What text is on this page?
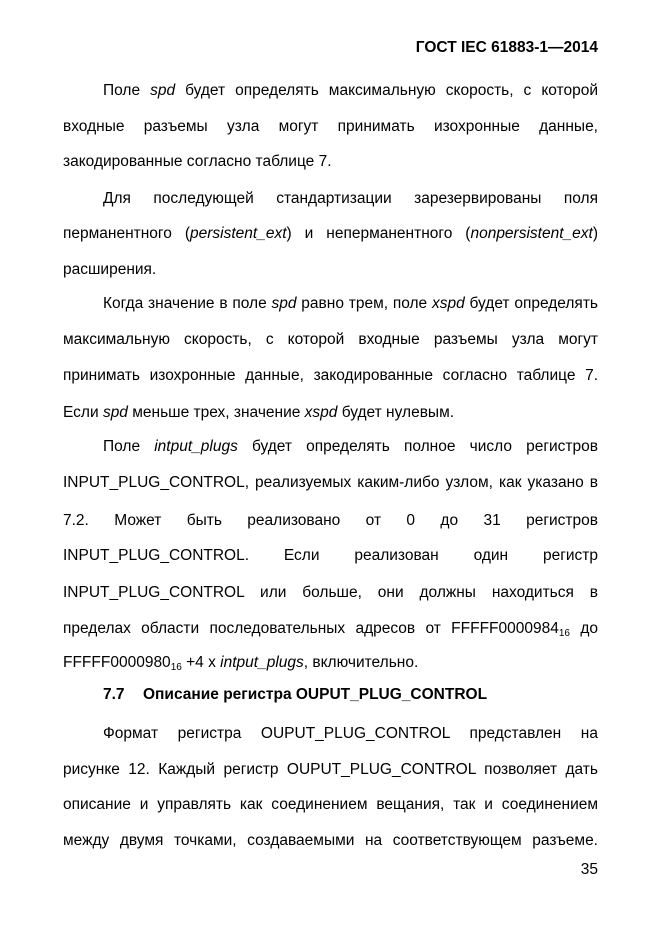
ГОСТ IEC 61883-1—2014
Поле spd будет определять максимальную скорость, с которой
входные разъемы узла могут принимать изохронные данные,
закодированные согласно таблице 7.
Для последующей стандартизации зарезервированы поля
перманентного (persistent_ext) и неперманентного (nonpersistent_ext)
расширения.
Когда значение в поле spd равно трем, поле xspd будет определять
максимальную скорость, с которой входные разъемы узла могут
принимать изохронные данные, закодированные согласно таблице 7.
Если spd меньше трех, значение xspd будет нулевым.
Поле intput_plugs будет определять полное число регистров
INPUT_PLUG_CONTROL, реализуемых каким-либо узлом, как указано в
7.2. Может быть реализовано от 0 до 31 регистров
INPUT_PLUG_CONTROL. Если реализован один регистр
INPUT_PLUG_CONTROL или больше, они должны находиться в
пределах области последовательных адресов от $FFFFF0000984_{16}$ до
$FFFFF0000980_{16} +4$ x intput_plugs, включительно.
Формат регистра OUPUT_PLUG_CONTROL представлен на
рисунке 12. Каждый регистр OUPUT_PLUG_CONTROL позволяет дать
описание и управлять как соединением вещания, так и соединением
между двумя точками, создаваемыми на соответствующем разъеме.
7.7 Описание регистра OUPUT_PLUG_CONTROL
35
